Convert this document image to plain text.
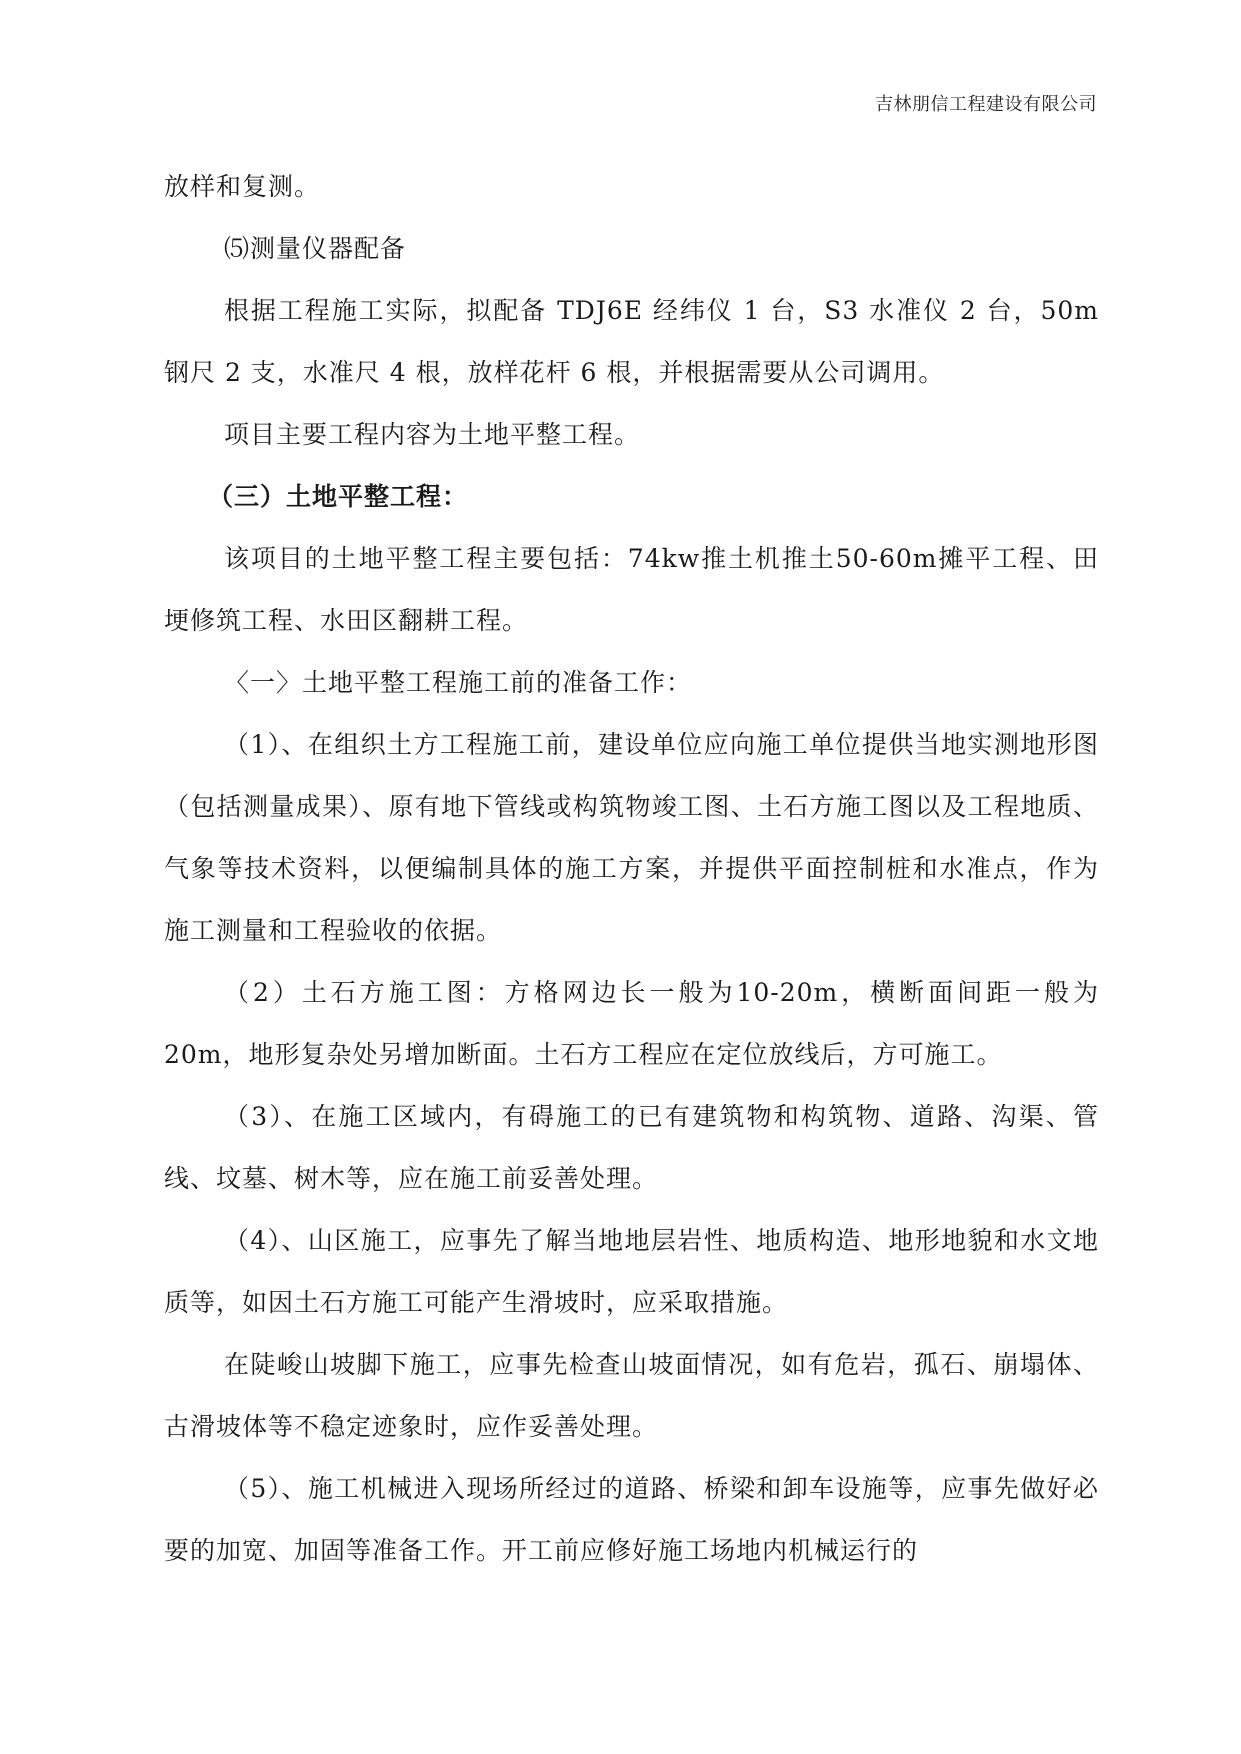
吉林朋信工程建设有限公司

放样和复测。

⑸测量仪器配备

根据工程施工实际，拟配备 TDJ6E 经纬仪 1 台，S3 水准仪 2 台，50m 钢尺 2 支，水准尺 4 根，放样花杆 6 根，并根据需要从公司调用。

项目主要工程内容为土地平整工程。

（三）土地平整工程：

该项目的土地平整工程主要包括：74kw推土机推土50-60m摊平工程、田埂修筑工程、水田区翻耕工程。

〈一〉土地平整工程施工前的准备工作：

（1）、在组织土方工程施工前，建设单位应向施工单位提供当地实测地形图（包括测量成果）、原有地下管线或构筑物竣工图、土石方施工图以及工程地质、气象等技术资料，以便编制具体的施工方案，并提供平面控制桩和水准点，作为施工测量和工程验收的依据。

（2）土石方施工图：方格网边长一般为10-20m，横断面间距一般为20m，地形复杂处另增加断面。土石方工程应在定位放线后，方可施工。

（3）、在施工区域内，有碍施工的已有建筑物和构筑物、道路、沟渠、管线、坟墓、树木等，应在施工前妥善处理。

（4）、山区施工，应事先了解当地地层岩性、地质构造、地形地貌和水文地质等，如因土石方施工可能产生滑坡时，应采取措施。

在陡峻山坡脚下施工，应事先检查山坡面情况，如有危岩，孤石、崩塌体、古滑坡体等不稳定迹象时，应作妥善处理。

（5）、施工机械进入现场所经过的道路、桥梁和卸车设施等，应事先做好必要的加宽、加固等准备工作。开工前应修好施工场地内机械运行的
